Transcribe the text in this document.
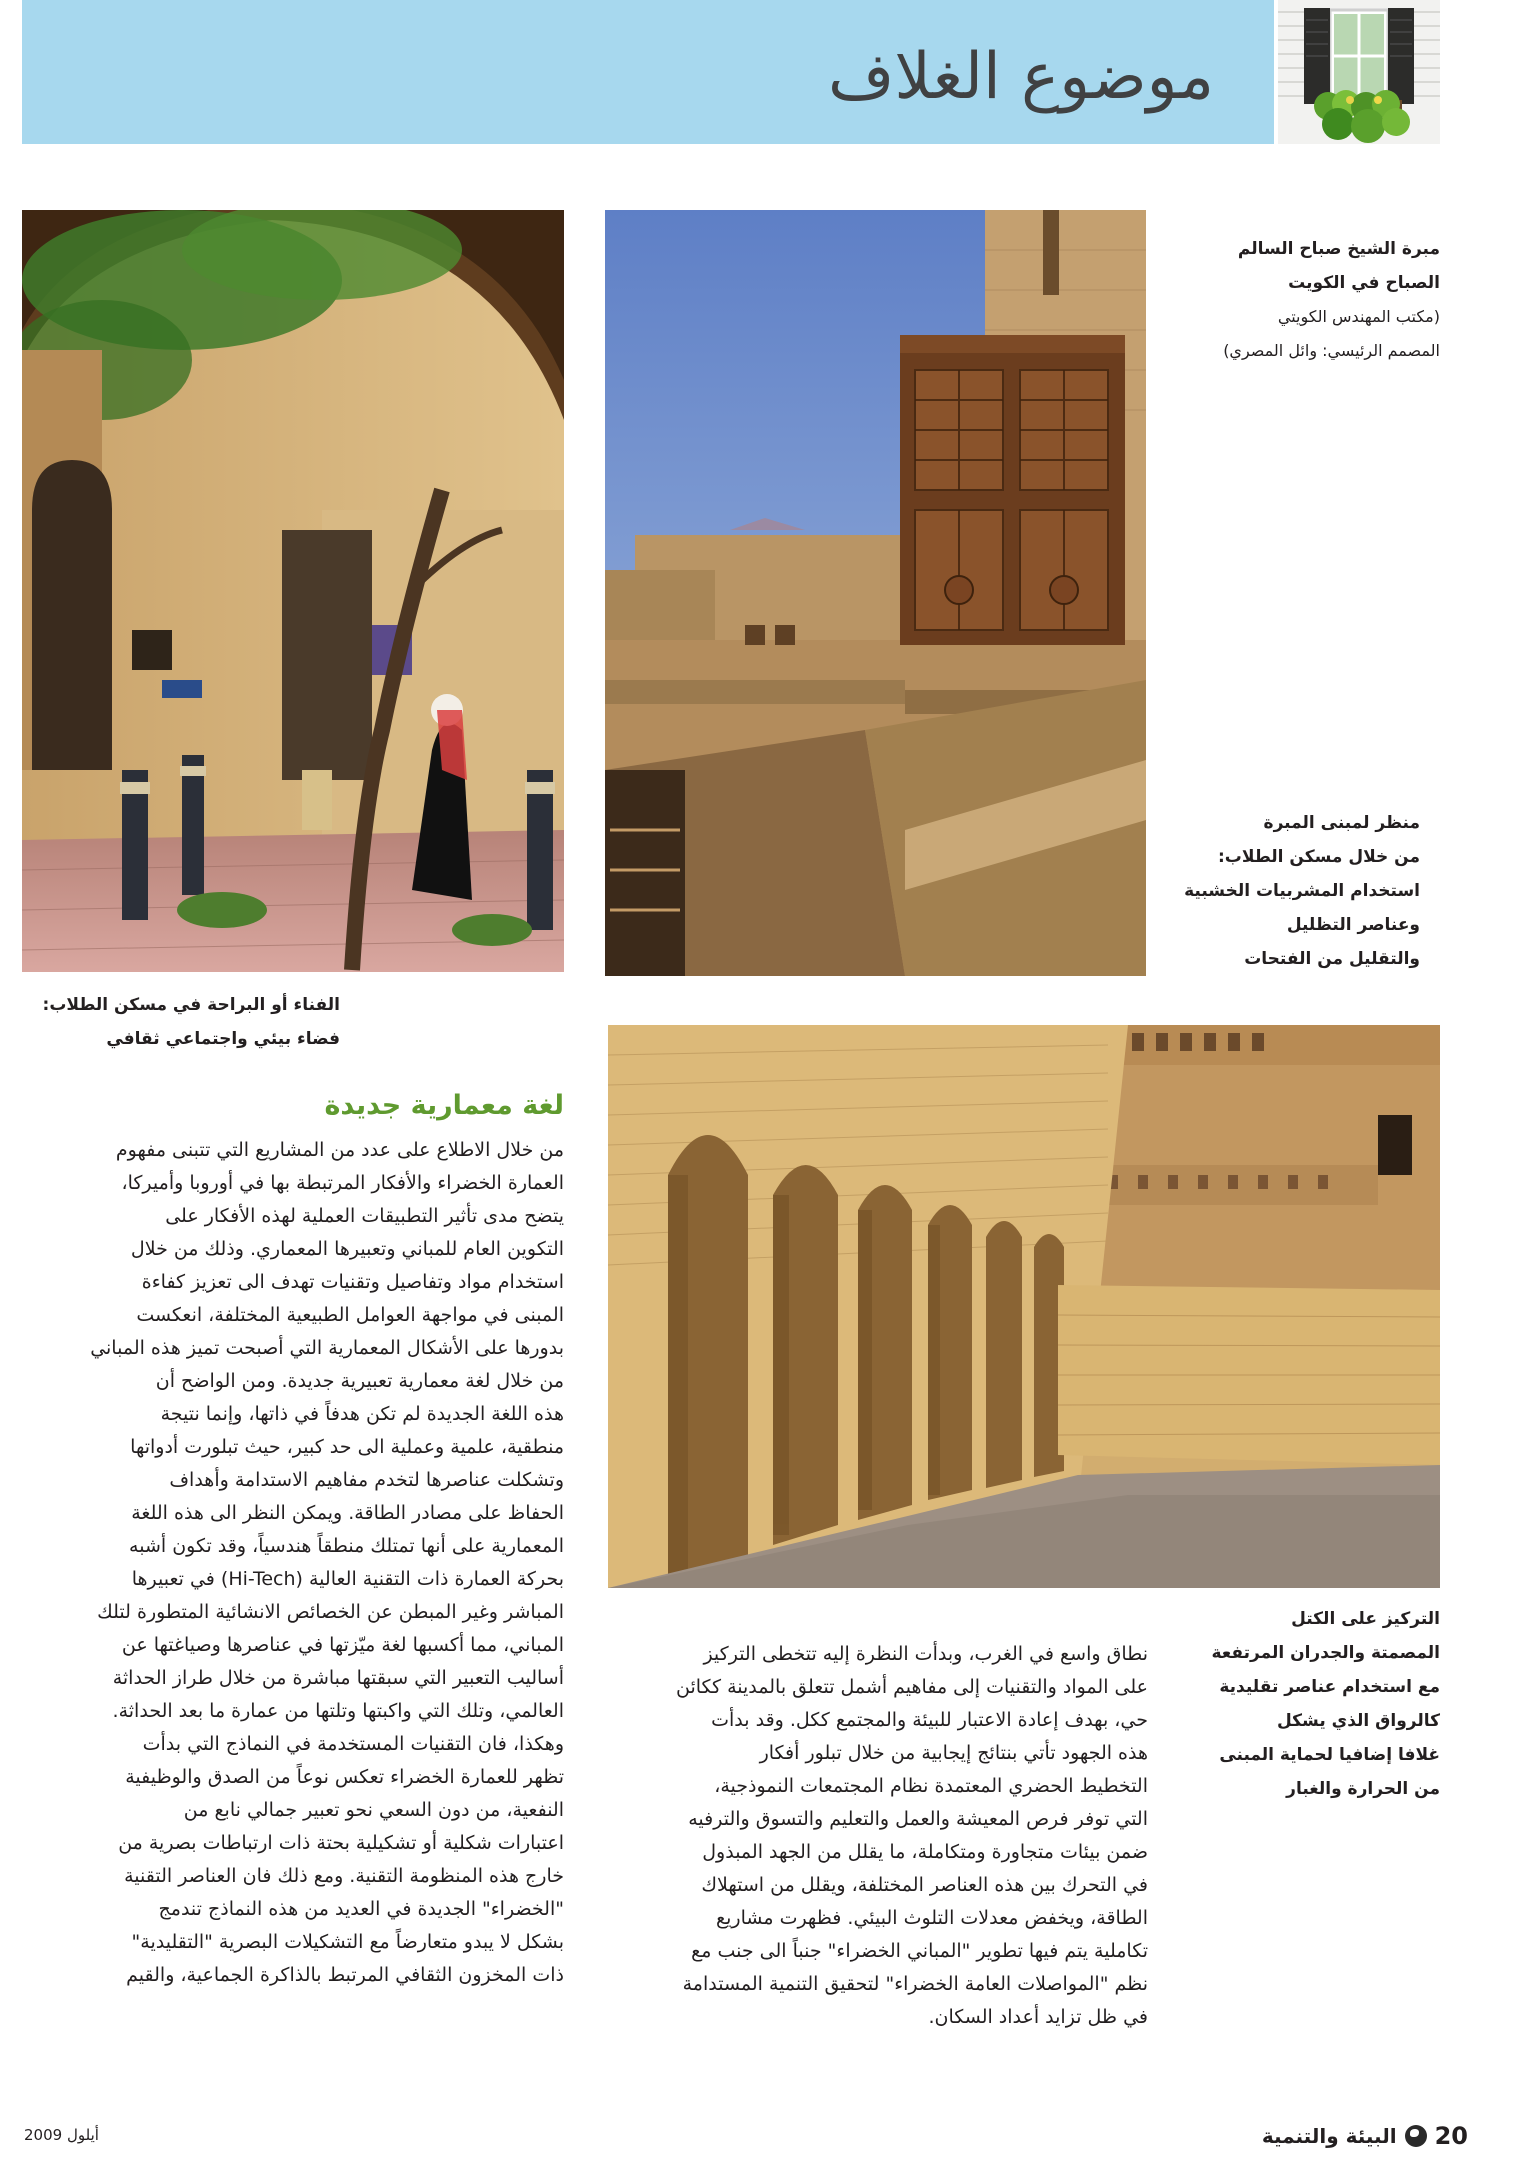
موضوع الغلاف
مبرة الشيخ صباح السالم
الصباح في الكويت
(مكتب المهندس الكويتي
المصمم الرئيسي: وائل المصري)
منظر لمبنى المبرة
من خلال مسكن الطلاب:
استخدام المشربيات الخشبية
وعناصر التظليل
والتقليل من الفتحات
الفناء أو البراحة في مسكن الطلاب:
فضاء بيئي واجتماعي ثقافي
التركيز على الكتل
المصمتة والجدران المرتفعة
مع استخدام عناصر تقليدية
كالرواق الذي يشكل
غلافا إضافيا لحماية المبنى
من الحرارة والغبار
لغة معمارية جديدة
من خلال الاطلاع على عدد من المشاريع التي تتبنى مفهوم
العمارة الخضراء والأفكار المرتبطة بها في أوروبا وأميركا،
يتضح مدى تأثير التطبيقات العملية لهذه الأفكار على
التكوين العام للمباني وتعبيرها المعماري. وذلك من خلال
استخدام مواد وتفاصيل وتقنيات تهدف الى تعزيز كفاءة
المبنى في مواجهة العوامل الطبيعية المختلفة، انعكست
بدورها على الأشكال المعمارية التي أصبحت تميز هذه المباني
من خلال لغة معمارية تعبيرية جديدة. ومن الواضح أن
هذه اللغة الجديدة لم تكن هدفاً في ذاتها، وإنما نتيجة
منطقية، علمية وعملية الى حد كبير، حيث تبلورت أدواتها
وتشكلت عناصرها لتخدم مفاهيم الاستدامة وأهداف
الحفاظ على مصادر الطاقة. ويمكن النظر الى هذه اللغة
المعمارية على أنها تمتلك منطقاً هندسياً، وقد تكون أشبه
بحركة العمارة ذات التقنية العالية (Hi-Tech) في تعبيرها
المباشر وغير المبطن عن الخصائص الانشائية المتطورة لتلك
المباني، مما أكسبها لغة ميّزتها في عناصرها وصياغتها عن
أساليب التعبير التي سبقتها مباشرة من خلال طراز الحداثة
العالمي، وتلك التي واكبتها وتلتها من عمارة ما بعد الحداثة.
وهكذا، فان التقنيات المستخدمة في النماذج التي بدأت
تظهر للعمارة الخضراء تعكس نوعاً من الصدق والوظيفية
النفعية، من دون السعي نحو تعبير جمالي نابع من
اعتبارات شكلية أو تشكيلية بحتة ذات ارتباطات بصرية من
خارج هذه المنظومة التقنية. ومع ذلك فان العناصر التقنية
"الخضراء" الجديدة في العديد من هذه النماذج تندمج
بشكل لا يبدو متعارضاً مع التشكيلات البصرية "التقليدية"
ذات المخزون الثقافي المرتبط بالذاكرة الجماعية، والقيم
نطاق واسع في الغرب، وبدأت النظرة إليه تتخطى التركيز
على المواد والتقنيات إلى مفاهيم أشمل تتعلق بالمدينة ككائن
حي، بهدف إعادة الاعتبار للبيئة والمجتمع ككل. وقد بدأت
هذه الجهود تأتي بنتائج إيجابية من خلال تبلور أفكار
التخطيط الحضري المعتمدة نظام المجتمعات النموذجية،
التي توفر فرص المعيشة والعمل والتعليم والتسوق والترفيه
ضمن بيئات متجاورة ومتكاملة، ما يقلل من الجهد المبذول
في التحرك بين هذه العناصر المختلفة، ويقلل من استهلاك
الطاقة، ويخفض معدلات التلوث البيئي. فظهرت مشاريع
تكاملية يتم فيها تطوير "المباني الخضراء" جنباً الى جنب مع
نظم "المواصلات العامة الخضراء" لتحقيق التنمية المستدامة
في ظل تزايد أعداد السكان.
البيئة والتنمية 20
أيلول 2009
